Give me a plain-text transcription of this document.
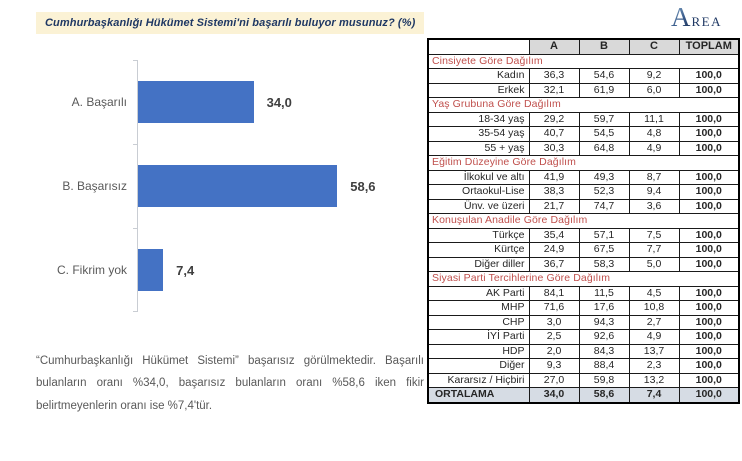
Cumhurbaşkanlığı Hükümet Sistemi'ni başarılı buluyor musunuz? (%)	A REA
A. Başarılı	34,0
B. Başarısız	58,6
C. Fikrim yok	7,4
“Cumhurbaşkanlığı Hükümet Sistemi” başarısız görülmektedir. Başarılı bulanların oranı %34,0, başarısız bulanların oranı %58,6 iken fikir belirtmeyenlerin oranı ise %7,4'tür.
	A	B	C	TOPLAM
Cinsiyete Göre Dağılım				
Kadın	36,3	54,6	9,2	100,0
Erkek	32,1	61,9	6,0	100,0
Yaş Grubuna Göre Dağılım				
18-34 yaş	29,2	59,7	11,1	100,0
35-54 yaş	40,7	54,5	4,8	100,0
55 + yaş	30,3	64,8	4,9	100,0
Eğitim Düzeyine Göre Dağılım				
İlkokul ve altı	41,9	49,3	8,7	100,0
Ortaokul-Lise	38,3	52,3	9,4	100,0
Ünv. ve üzeri	21,7	74,7	3,6	100,0
Konuşulan Anadile Göre Dağılım				
Türkçe	35,4	57,1	7,5	100,0
Kürtçe	24,9	67,5	7,7	100,0
Diğer diller	36,7	58,3	5,0	100,0
Siyasi Parti Tercihlerine Göre Dağılım				
AK Parti	84,1	11,5	4,5	100,0
MHP	71,6	17,6	10,8	100,0
CHP	3,0	94,3	2,7	100,0
İYİ Parti	2,5	92,6	4,9	100,0
HDP	2,0	84,3	13,7	100,0
Diğer	9,3	88,4	2,3	100,0
Kararsız / Hiçbiri	27,0	59,8	13,2	100,0
ORTALAMA	34,0	58,6	7,4	100,0
